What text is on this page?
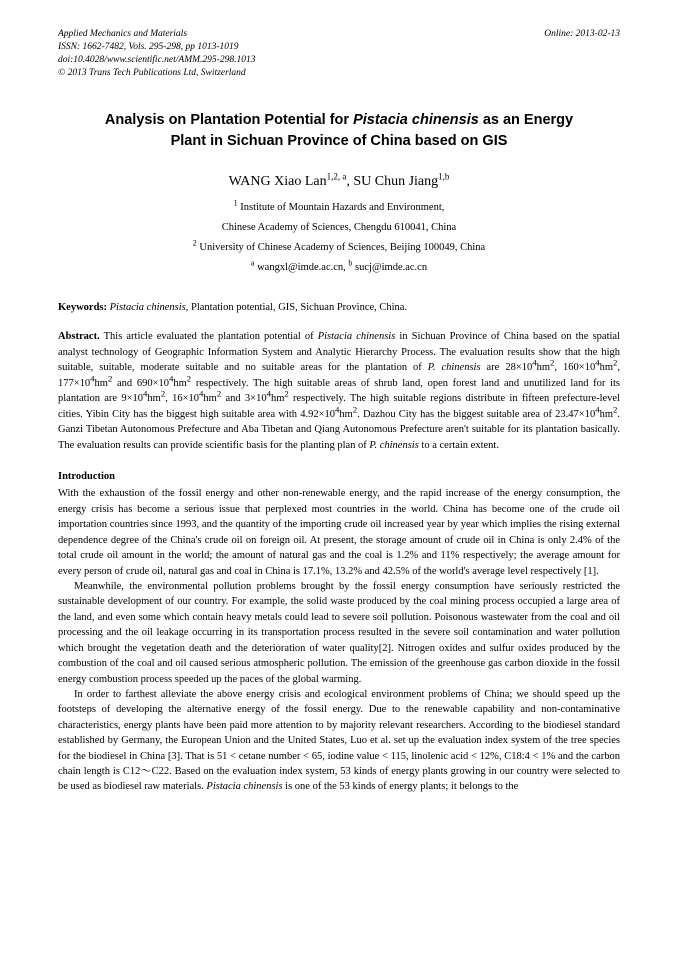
Applied Mechanics and Materials
ISSN: 1662-7482, Vols. 295-298, pp 1013-1019
doi:10.4028/www.scientific.net/AMM.295-298.1013
© 2013 Trans Tech Publications Ltd, Switzerland
Online: 2013-02-13
Analysis on Plantation Potential for Pistacia chinensis as an Energy
Plant in Sichuan Province of China based on GIS
WANG Xiao Lan$^{1,2, a}$, SU Chun Jiang$^{1,b}$
$^1$ Institute of Mountain Hazards and Environment,
Chinese Academy of Sciences, Chengdu 610041, China
$^2$ University of Chinese Academy of Sciences, Beijing 100049, China
$^a$ wangxl@imde.ac.cn, $^b$ sucj@imde.ac.cn
Keywords: Pistacia chinensis, Plantation potential, GIS, Sichuan Province, China.
Abstract. This article evaluated the plantation potential of Pistacia chinensis in Sichuan Province of China based on the spatial analyst technology of Geographic Information System and Analytic Hierarchy Process. The evaluation results show that the high suitable, suitable, moderate suitable and no suitable areas for the plantation of P. chinensis are $28\times 10^4hm^2$, $160\times 10^4hm^2$, $177\times 10^4hm^2$ and $690\times 10^4hm^2$ respectively. The high suitable areas of shrub land, open forest land and unutilized land for its plantation are $9\times 10^4hm^2$, $16\times 10^4hm^2$ and $3\times 10^4hm^2$ respectively. The high suitable regions distribute in fifteen prefecture-level cities. Yibin City has the biggest high suitable area with $4.92\times 10^4hm^2$. Dazhou City has the biggest suitable area of $23.47\times 10^4hm^2$. Ganzi Tibetan Autonomous Prefecture and Aba Tibetan and Qiang Autonomous Prefecture aren't suitable for its plantation basically. The evaluation results can provide scientific basis for the planting plan of P. chinensis to a certain extent.
Introduction

With the exhaustion of the fossil energy and other non-renewable energy, and the rapid increase of the energy consumption, the energy crisis has become a serious issue that perplexed most countries in the world. China has become one of the crude oil importation countries since 1993, and the quantity of the importing crude oil increased year by year which implies the rising external dependence degree of the China's crude oil on foreign oil. At present, the storage amount of crude oil in China is only 2.4% of the total crude oil amount in the world; the amount of natural gas and the coal is 1.2% and 11% respectively; the average amount for every person of crude oil, natural gas and coal in China is 17.1%, 13.2% and 42.5% of the world's average level respectively [1].

Meanwhile, the environmental pollution problems brought by the fossil energy consumption have seriously restricted the sustainable development of our country. For example, the solid waste produced by the coal mining process occupied a large area of the land, and even some which contain heavy metals could lead to severe soil pollution. Poisonous wastewater from the coal and oil processing and the oil leakage occurring in its transportation process resulted in the severe soil contamination and water pollution which brought the vegetation death and the deterioration of water quality[2]. Nitrogen oxides and sulfur oxides produced by the combustion of the coal and oil caused serious atmospheric pollution. The emission of the greenhouse gas carbon dioxide in the fossil energy combustion process speeded up the paces of the global warming.

In order to farthest alleviate the above energy crisis and ecological environment problems of China; we should speed up the footsteps of developing the alternative energy of the fossil energy. Due to the renewable capability and non-contaminative characteristics, energy plants have been paid more attention to by majority relevant researchers. According to the biodiesel standard established by Germany, the European Union and the United States, Luo et al. set up the evaluation index system of the tree species for the biodiesel in China [3]. That is 51 < cetane number < 65, iodine value < 115, linolenic acid < 12%, C18:4 < 1% and the carbon chain length is C12～C22. Based on the evaluation index system, 53 kinds of energy plants growing in our country were selected to be used as biodiesel raw materials. Pistacia chinensis is one of the 53 kinds of energy plants; it belongs to the
